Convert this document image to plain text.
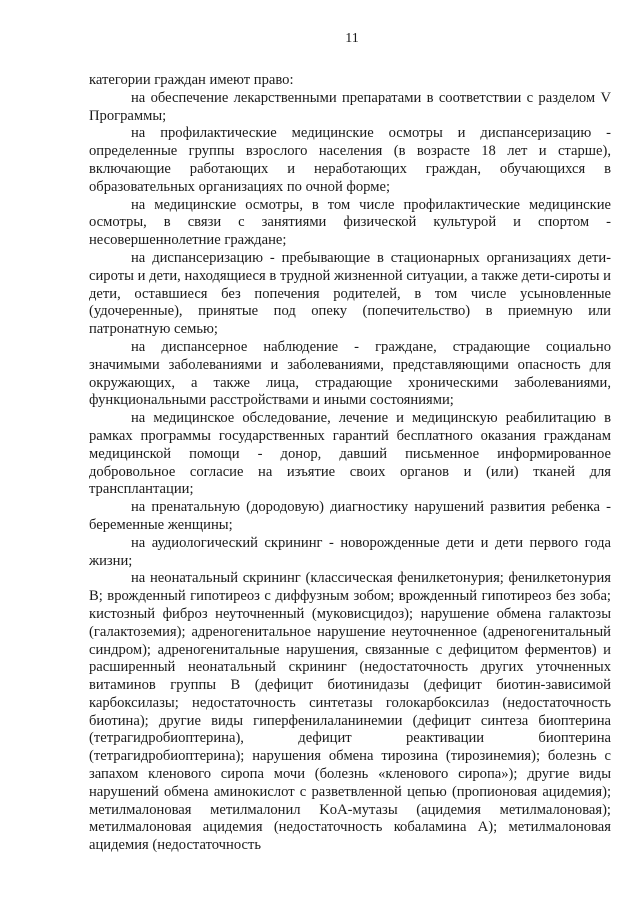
11

категории граждан имеют право:

на обеспечение лекарственными препаратами в соответствии с разделом V Программы;

на профилактические медицинские осмотры и диспансеризацию - определенные группы взрослого населения (в возрасте 18 лет и старше), включающие работающих и неработающих граждан, обучающихся в образовательных организациях по очной форме;

на медицинские осмотры, в том числе профилактические медицинские осмотры, в связи с занятиями физической культурой и спортом - несовершеннолетние граждане;

на диспансеризацию - пребывающие в стационарных организациях дети-сироты и дети, находящиеся в трудной жизненной ситуации, а также дети-сироты и дети, оставшиеся без попечения родителей, в том числе усыновленные (удочеренные), принятые под опеку (попечительство) в приемную или патронатную семью;

на диспансерное наблюдение - граждане, страдающие социально значимыми заболеваниями и заболеваниями, представляющими опасность для окружающих, а также лица, страдающие хроническими заболеваниями, функциональными расстройствами и иными состояниями;

на медицинское обследование, лечение и медицинскую реабилитацию в рамках программы государственных гарантий бесплатного оказания гражданам медицинской помощи - донор, давший письменное информированное добровольное согласие на изъятие своих органов и (или) тканей для трансплантации;

на пренатальную (дородовую) диагностику нарушений развития ребенка - беременные женщины;

на аудиологический скрининг - новорожденные дети и дети первого года жизни;

на неонатальный скрининг (классическая фенилкетонурия; фенилкетонурия B; врожденный гипотиреоз с диффузным зобом; врожденный гипотиреоз без зоба; кистозный фиброз неуточненный (муковисцидоз); нарушение обмена галактозы (галактоземия); адреногенитальное нарушение неуточненное (адреногенитальный синдром); адреногенитальные нарушения, связанные с дефицитом ферментов) и расширенный неонатальный скрининг (недостаточность других уточненных витаминов группы B (дефицит биотинидазы (дефицит биотин-зависимой карбоксилазы; недостаточность синтетазы голокарбоксилаз (недостаточность биотина); другие виды гиперфенилаланинемии (дефицит синтеза биоптерина (тетрагидробиоптерина), дефицит реактивации биоптерина (тетрагидробиоптерина); нарушения обмена тирозина (тирозинемия); болезнь с запахом кленового сиропа мочи (болезнь «кленового сиропа»); другие виды нарушений обмена аминокислот с разветвленной цепью (пропионовая ацидемия); метилмалоновая метилмалонил KoA-мутазы (ацидемия метилмалоновая); метилмалоновая ацидемия (недостаточность кобаламина A); метилмалоновая ацидемия (недостаточность
